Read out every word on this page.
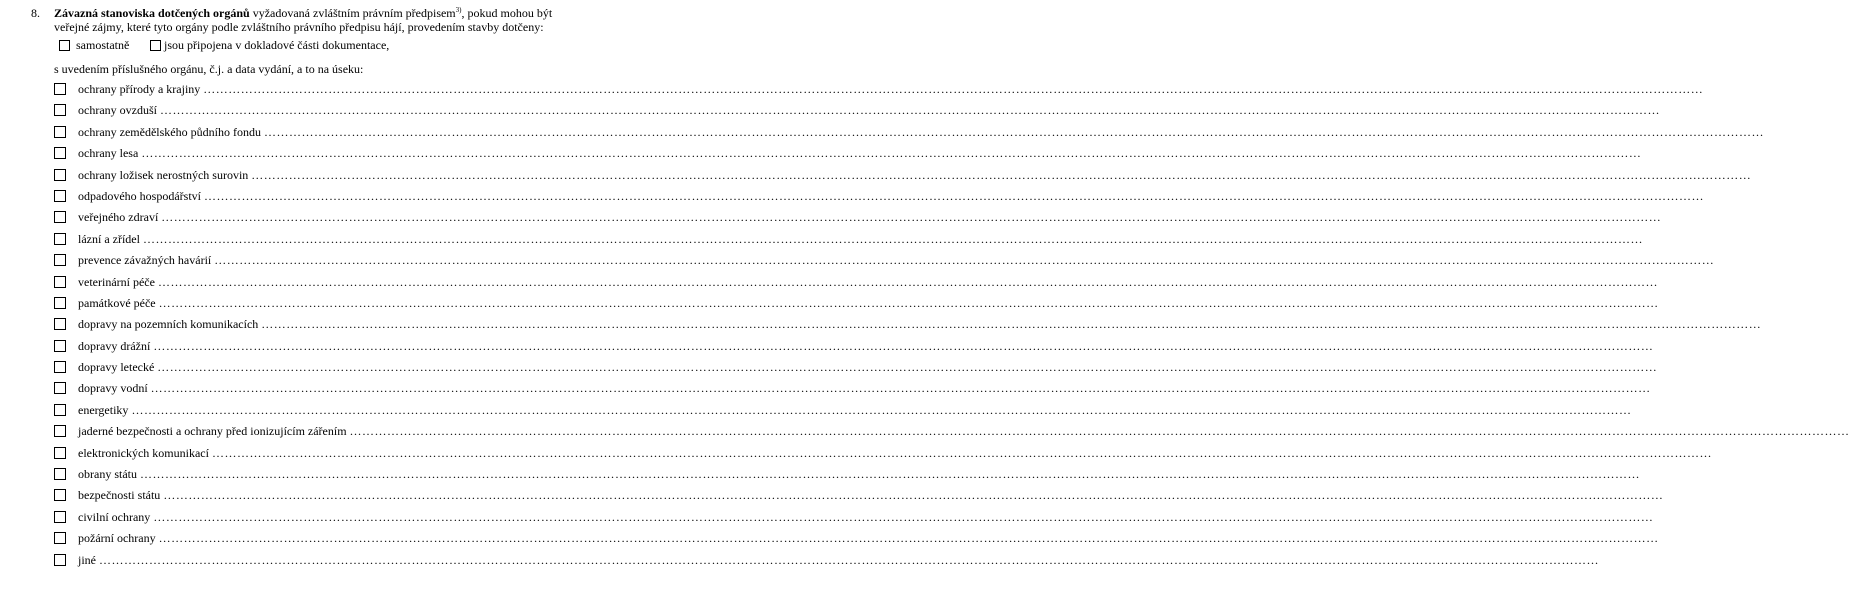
8. Závazná stanoviska dotčených orgánů vyžadovaná zvláštním právním předpisem$^{3)}$, pokud mohou být
veřejné zájmy, které tyto orgány podle zvláštního právního předpisu hájí, provedením stavby dotčeny:
samostatně	jsou připojena v dokladové části dokumentace,
s uvedením příslušného orgánu, č.j. a data vydání, a to na úseku:
ochrany přírody a krajiny ………………………………………………………………………………………………………………………………………………………………………………………………………………………………………………………………………………………………………………………………
ochrany ovzduší ………………………………………………………………………………………………………………………………………………………………………………………………………………………………………………………………………………………………………………………………
ochrany zemědělského půdního fondu ………………………………………………………………………………………………………………………………………………………………………………………………………………………………………………………………………………………………………………………………
ochrany lesa ………………………………………………………………………………………………………………………………………………………………………………………………………………………………………………………………………………………………………………………………
ochrany ložisek nerostných surovin ………………………………………………………………………………………………………………………………………………………………………………………………………………………………………………………………………………………………………………………………
odpadového hospodářství ………………………………………………………………………………………………………………………………………………………………………………………………………………………………………………………………………………………………………………………………
veřejného zdraví ………………………………………………………………………………………………………………………………………………………………………………………………………………………………………………………………………………………………………………………………
lázní a zřídel ………………………………………………………………………………………………………………………………………………………………………………………………………………………………………………………………………………………………………………………………
prevence závažných havárií ………………………………………………………………………………………………………………………………………………………………………………………………………………………………………………………………………………………………………………………………
veterinární péče ………………………………………………………………………………………………………………………………………………………………………………………………………………………………………………………………………………………………………………………………
památkové péče ………………………………………………………………………………………………………………………………………………………………………………………………………………………………………………………………………………………………………………………………
dopravy na pozemních komunikacích ………………………………………………………………………………………………………………………………………………………………………………………………………………………………………………………………………………………………………………………………
dopravy drážní ………………………………………………………………………………………………………………………………………………………………………………………………………………………………………………………………………………………………………………………………
dopravy letecké ………………………………………………………………………………………………………………………………………………………………………………………………………………………………………………………………………………………………………………………………
dopravy vodní ………………………………………………………………………………………………………………………………………………………………………………………………………………………………………………………………………………………………………………………………
energetiky ………………………………………………………………………………………………………………………………………………………………………………………………………………………………………………………………………………………………………………………………
jaderné bezpečnosti a ochrany před ionizujícím zářením ………………………………………………………………………………………………………………………………………………………………………………………………………………………………………………………………………………………………………………………………
elektronických komunikací ………………………………………………………………………………………………………………………………………………………………………………………………………………………………………………………………………………………………………………………………
obrany státu ………………………………………………………………………………………………………………………………………………………………………………………………………………………………………………………………………………………………………………………………
bezpečnosti státu ………………………………………………………………………………………………………………………………………………………………………………………………………………………………………………………………………………………………………………………………
civilní ochrany ………………………………………………………………………………………………………………………………………………………………………………………………………………………………………………………………………………………………………………………………
požární ochrany ………………………………………………………………………………………………………………………………………………………………………………………………………………………………………………………………………………………………………………………………
jiné ………………………………………………………………………………………………………………………………………………………………………………………………………………………………………………………………………………………………………………………………
